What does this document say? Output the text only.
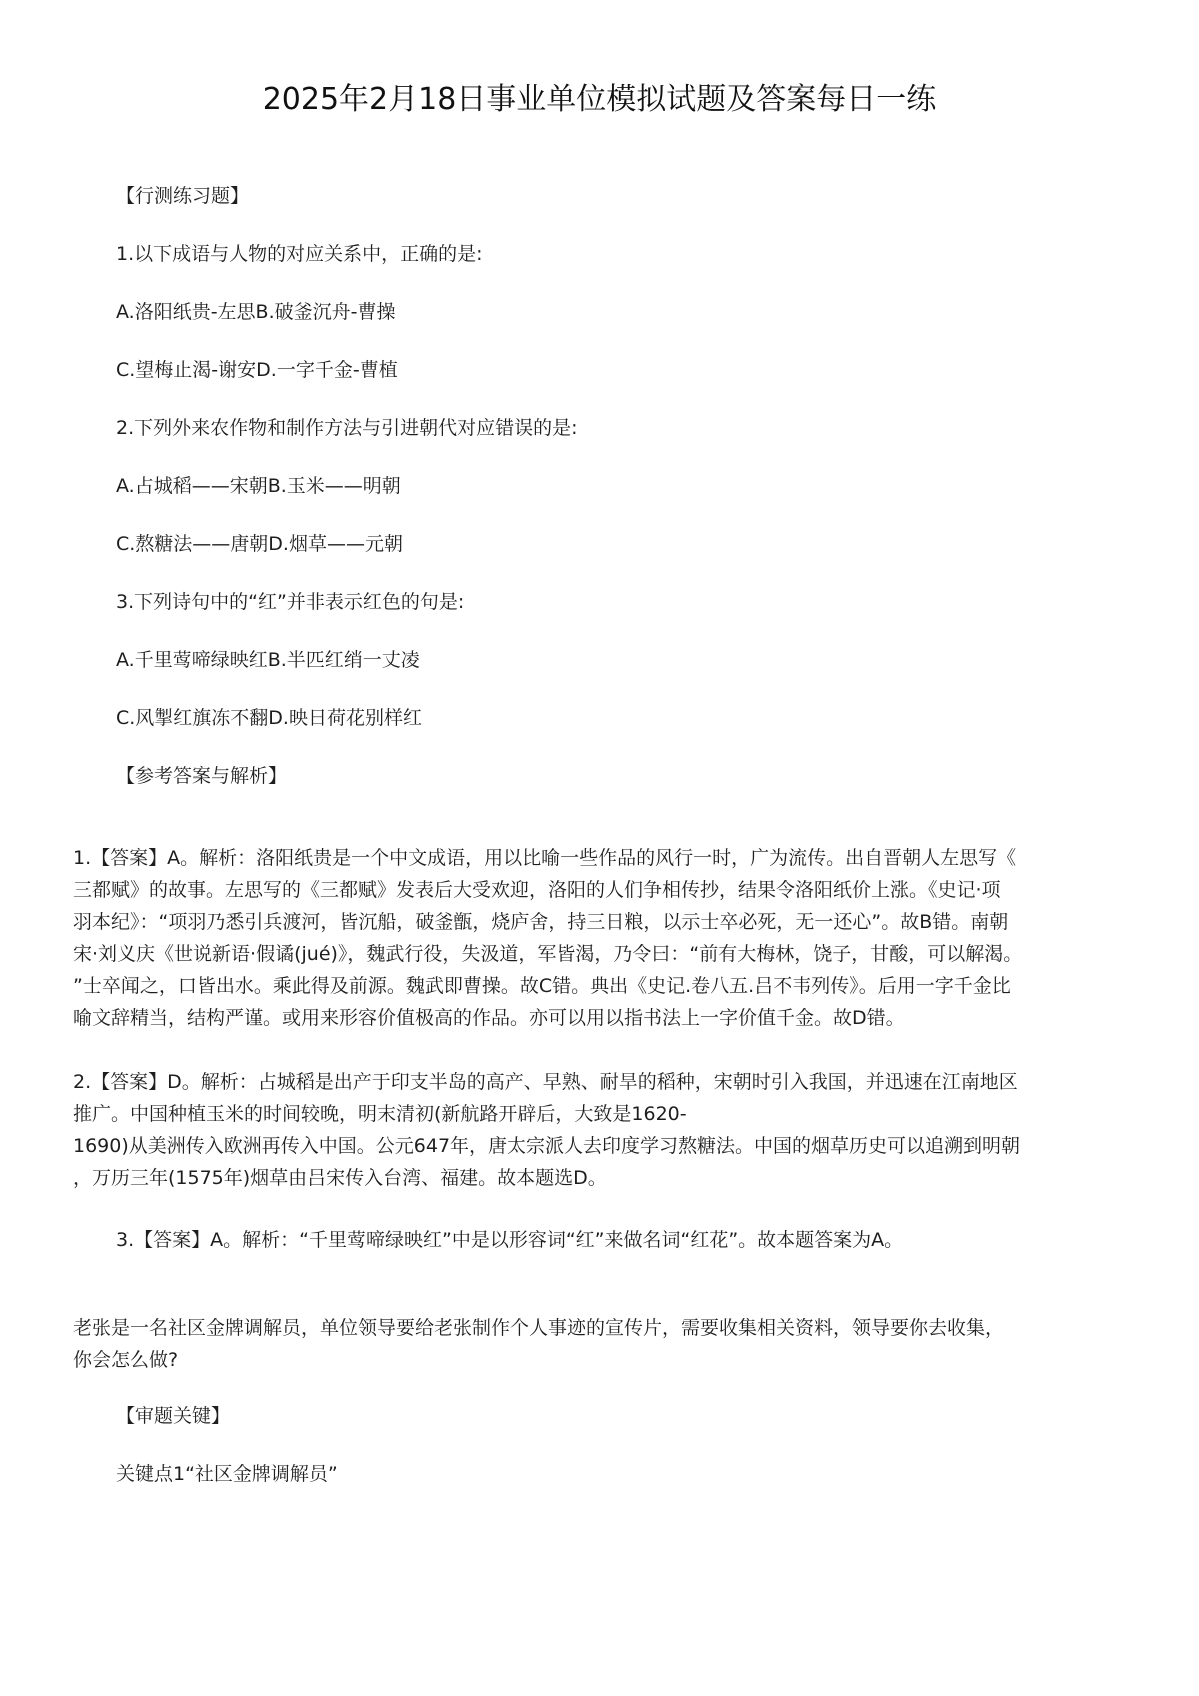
2025年2月18日事业单位模拟试题及答案每日一练

【行测练习题】

1.以下成语与人物的对应关系中，正确的是:

A.洛阳纸贵-左思B.破釜沉舟-曹操

C.望梅止渴-谢安D.一字千金-曹植

2.下列外来农作物和制作方法与引进朝代对应错误的是:

A.占城稻——宋朝B.玉米——明朝

C.熬糖法——唐朝D.烟草——元朝

3.下列诗句中的“红”并非表示红色的句是:

A.千里莺啼绿映红B.半匹红绡一丈凌

C.风掣红旗冻不翻D.映日荷花别样红

【参考答案与解析】

1.【答案】A。解析：洛阳纸贵是一个中文成语，用以比喻一些作品的风行一时，广为流传。出自晋朝人左思写《
三都赋》的故事。左思写的《三都赋》发表后大受欢迎，洛阳的人们争相传抄，结果令洛阳纸价上涨。《史记·项
羽本纪》：“项羽乃悉引兵渡河，皆沉船，破釜甑，烧庐舍，持三日粮，以示士卒必死，无一还心”。故B错。南朝
宋·刘义庆《世说新语·假谲(jué)》，魏武行役，失汲道，军皆渴，乃令曰：“前有大梅林，饶子，甘酸，可以解渴。
”士卒闻之，口皆出水。乘此得及前源。魏武即曹操。故C错。典出《史记.卷八五.吕不韦列传》。后用一字千金比
喻文辞精当，结构严谨。或用来形容价值极高的作品。亦可以用以指书法上一字价值千金。故D错。
2.【答案】D。解析：占城稻是出产于印支半岛的高产、早熟、耐旱的稻种，宋朝时引入我国，并迅速在江南地区
推广。中国种植玉米的时间较晚，明末清初(新航路开辟后，大致是1620-
1690)从美洲传入欧洲再传入中国。公元647年，唐太宗派人去印度学习熬糖法。中国的烟草历史可以追溯到明朝
，万历三年(1575年)烟草由吕宋传入台湾、福建。故本题选D。

3.【答案】A。解析：“千里莺啼绿映红”中是以形容词“红”来做名词“红花”。故本题答案为A。

老张是一名社区金牌调解员，单位领导要给老张制作个人事迹的宣传片，需要收集相关资料，领导要你去收集，
你会怎么做?

【审题关键】

关键点1“社区金牌调解员”
